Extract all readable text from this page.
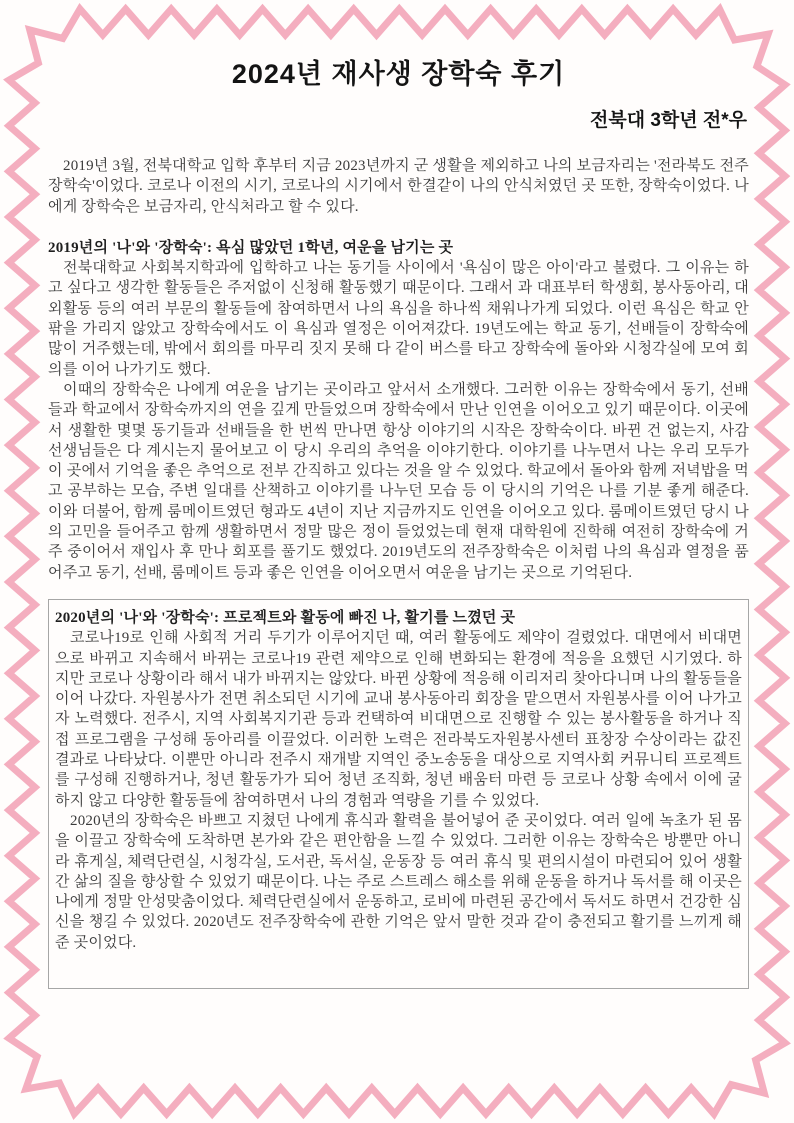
2024년 재사생 장학숙 후기
전북대 3학년 전*우

2019년 3월, 전북대학교 입학 후부터 지금 2023년까지 군 생활을 제외하고 나의 보금자리는 '전라북도 전주장학숙'이었다. 코로나 이전의 시기, 코로나의 시기에서 한결같이 나의 안식처였던 곳 또한, 장학숙이었다. 나에게 장학숙은 보금자리, 안식처라고 할 수 있다.

2019년의 '나'와 '장학숙': 욕심 많았던 1학년, 여운을 남기는 곳

전북대학교 사회복지학과에 입학하고 나는 동기들 사이에서 '욕심이 많은 아이'라고 불렸다. 그 이유는 하고 싶다고 생각한 활동들은 주저없이 신청해 활동했기 때문이다. 그래서 과 대표부터 학생회, 봉사동아리, 대외활동 등의 여러 부문의 활동들에 참여하면서 나의 욕심을 하나씩 채워나가게 되었다. 이런 욕심은 학교 안팎을 가리지 않았고 장학숙에서도 이 욕심과 열정은 이어져갔다. 19년도에는 학교 동기, 선배들이 장학숙에 많이 거주했는데, 밖에서 회의를 마무리 짓지 못해 다 같이 버스를 타고 장학숙에 돌아와 시청각실에 모여 회의를 이어 나가기도 했다.

이때의 장학숙은 나에게 여운을 남기는 곳이라고 앞서서 소개했다. 그러한 이유는 장학숙에서 동기, 선배들과 학교에서 장학숙까지의 연을 깊게 만들었으며 장학숙에서 만난 인연을 이어오고 있기 때문이다. 이곳에서 생활한 몇몇 동기들과 선배들을 한 번씩 만나면 항상 이야기의 시작은 장학숙이다. 바뀐 건 없는지, 사감 선생님들은 다 계시는지 물어보고 이 당시 우리의 추억을 이야기한다. 이야기를 나누면서 나는 우리 모두가 이 곳에서 기억을 좋은 추억으로 전부 간직하고 있다는 것을 알 수 있었다. 학교에서 돌아와 함께 저녁밥을 먹고 공부하는 모습, 주변 일대를 산책하고 이야기를 나누던 모습 등 이 당시의 기억은 나를 기분 좋게 해준다. 이와 더불어, 함께 룸메이트였던 형과도 4년이 지난 지금까지도 인연을 이어오고 있다. 룸메이트였던 당시 나의 고민을 들어주고 함께 생활하면서 정말 많은 정이 들었었는데 현재 대학원에 진학해 여전히 장학숙에 거주 중이어서 재입사 후 만나 회포를 풀기도 했었다. 2019년도의 전주장학숙은 이처럼 나의 욕심과 열정을 품어주고 동기, 선배, 룸메이트 등과 좋은 인연을 이어오면서 여운을 남기는 곳으로 기억된다.

2020년의 '나'와 '장학숙': 프로젝트와 활동에 빠진 나, 활기를 느꼈던 곳

코로나19로 인해 사회적 거리 두기가 이루어지던 때, 여러 활동에도 제약이 걸렸었다. 대면에서 비대면으로 바뀌고 지속해서 바뀌는 코로나19 관련 제약으로 인해 변화되는 환경에 적응을 요했던 시기였다. 하지만 코로나 상황이라 해서 내가 바뀌지는 않았다. 바뀐 상황에 적응해 이리저리 찾아다니며 나의 활동들을 이어 나갔다. 자원봉사가 전면 취소되던 시기에 교내 봉사동아리 회장을 맡으면서 자원봉사를 이어 나가고자 노력했다. 전주시, 지역 사회복지기관 등과 컨택하여 비대면으로 진행할 수 있는 봉사활동을 하거나 직접 프로그램을 구성해 동아리를 이끌었다. 이러한 노력은 전라북도자원봉사센터 표창장 수상이라는 값진 결과로 나타났다. 이뿐만 아니라 전주시 재개발 지역인 중노송동을 대상으로 지역사회 커뮤니티 프로젝트를 구성해 진행하거나, 청년 활동가가 되어 청년 조직화, 청년 배움터 마련 등 코로나 상황 속에서 이에 굴하지 않고 다양한 활동들에 참여하면서 나의 경험과 역량을 기를 수 있었다.

2020년의 장학숙은 바쁘고 지쳤던 나에게 휴식과 활력을 불어넣어 준 곳이었다. 여러 일에 녹초가 된 몸을 이끌고 장학숙에 도착하면 본가와 같은 편안함을 느낄 수 있었다. 그러한 이유는 장학숙은 방뿐만 아니라 휴게실, 체력단련실, 시청각실, 도서관, 독서실, 운동장 등 여러 휴식 및 편의시설이 마련되어 있어 생활 간 삶의 질을 향상할 수 있었기 때문이다. 나는 주로 스트레스 해소를 위해 운동을 하거나 독서를 해 이곳은 나에게 정말 안성맞춤이었다. 체력단련실에서 운동하고, 로비에 마련된 공간에서 독서도 하면서 건강한 심신을 챙길 수 있었다. 2020년도 전주장학숙에 관한 기억은 앞서 말한 것과 같이 충전되고 활기를 느끼게 해준 곳이었다.
